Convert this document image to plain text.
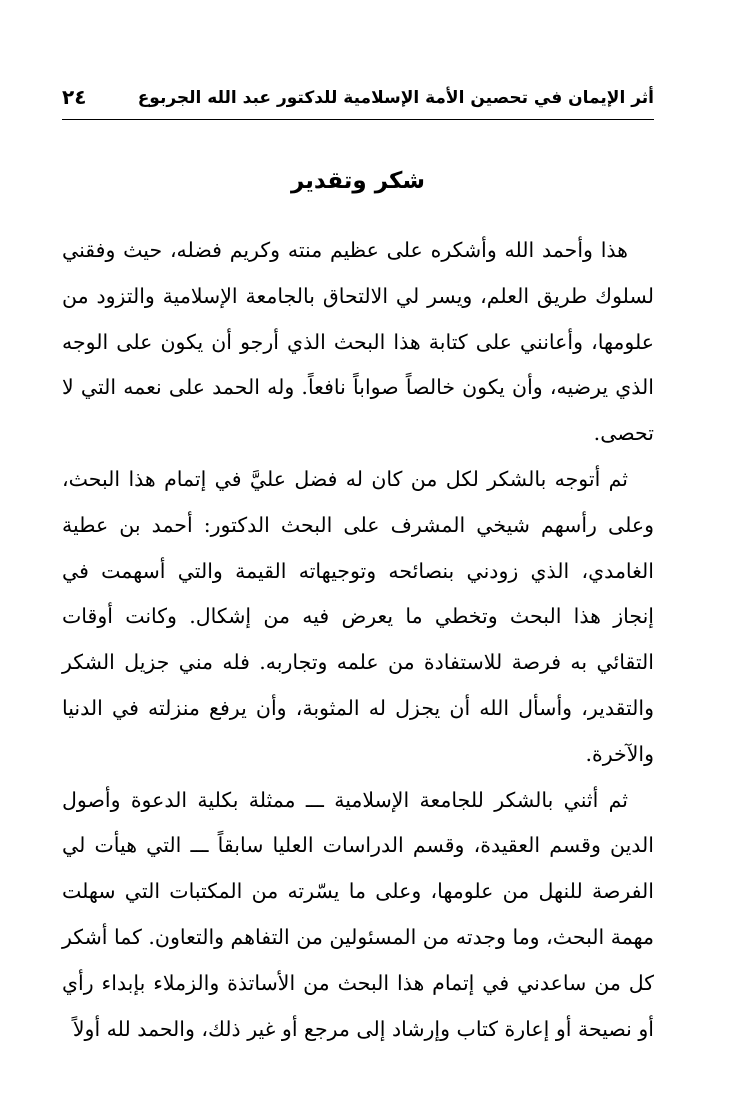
أثر الإيمان في تحصين الأمة الإسلامية للدكتور عبد الله الجربوع
٢٤
شكر وتقدير

هذا وأحمد الله وأشكره على عظيم منته وكريم فضله، حيث وفقني لسلوك طريق العلم، ويسر لي الالتحاق بالجامعة الإسلامية والتزود من علومها، وأعانني على كتابة هذا البحث الذي أرجو أن يكون على الوجه الذي يرضيه، وأن يكون خالصاً صواباً نافعاً. وله الحمد على نعمه التي لا تحصى.

ثم أتوجه بالشكر لكل من كان له فضل عليَّ في إتمام هذا البحث، وعلى رأسهم شيخي المشرف على البحث الدكتور: أحمد بن عطية الغامدي، الذي زودني بنصائحه وتوجيهاته القيمة والتي أسهمت في إنجاز هذا البحث وتخطي ما يعرض فيه من إشكال. وكانت أوقات التقائي به فرصة للاستفادة من علمه وتجاربه. فله مني جزيل الشكر والتقدير، وأسأل الله أن يجزل له المثوبة، وأن يرفع منزلته في الدنيا والآخرة.

ثم أثني بالشكر للجامعة الإسلامية ـــ ممثلة بكلية الدعوة وأصول الدين وقسم العقيدة، وقسم الدراسات العليا سابقاً ـــ التي هيأت لي الفرصة للنهل من علومها، وعلى ما يسّرته من المكتبات التي سهلت مهمة البحث، وما وجدته من المسئولين من التفاهم والتعاون. كما أشكر كل من ساعدني في إتمام هذا البحث من الأساتذة والزملاء بإبداء رأي أو نصيحة أو إعارة كتاب وإرشاد إلى مرجع أو غير ذلك، والحمد لله أولاً
